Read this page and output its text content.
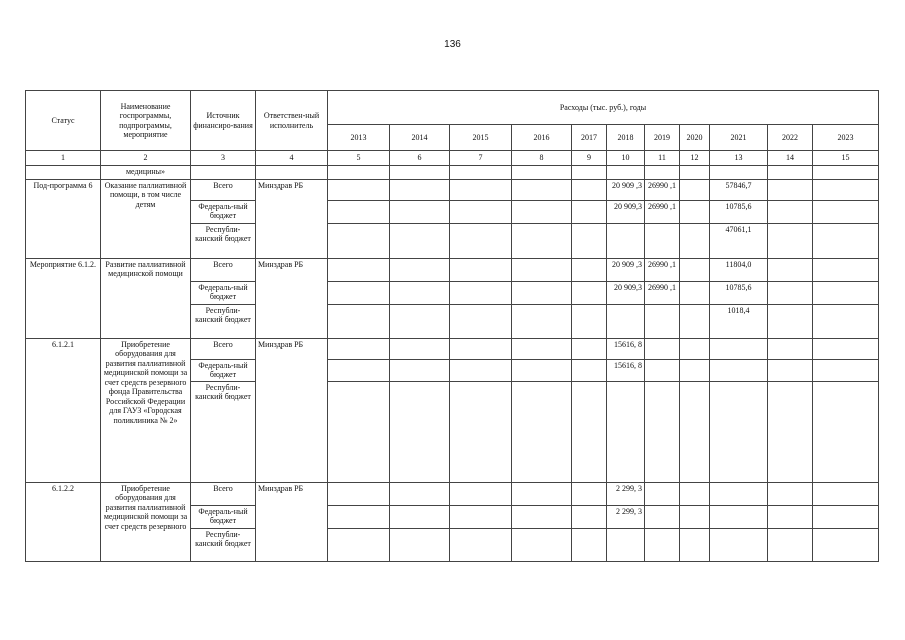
136
Статус	Наименование госпрограммы, подпрограммы, мероприятие	Источник финансиро-вания	Ответствен-ный исполнитель	Расходы (тыс. руб.), годы										
				2013	2014	2015	2016	2017	2018	2019	2020	2021	2022	2023
1	2	3	4	5	6	7	8	9	10	11	12	13	14	15
	медицины»													
Под-программа 6	Оказание паллиативной помощи, в том числе детям	Всего	Минздрав РБ						20 909 ,3	26990 ,1		57846,7		
		Федераль-ный бюджет							20 909,3	26990 ,1		10785,6		
		Республи-канский бюджет										47061,1		
Мероприятие 6.1.2.	Развитие паллиативной медицинской помощи	Всего	Минздрав РБ						20 909 ,3	26990 ,1		11804,0		
		Федераль-ный бюджет							20 909,3	26990 ,1		10785,6		
		Республи-канский бюджет										1018,4		
6.1.2.1	Приобретение оборудования для развития паллиативной медицинской помощи за счет средств резервного фонда Правительства Российской Федерации для ГАУЗ «Городская поликлиника № 2»	Всего	Минздрав РБ						15616, 8					
		Федераль-ный бюджет							15616, 8					
		Республи-канский бюджет												
6.1.2.2	Приобретение оборудования для развития паллиативной медицинской помощи за счет средств резервного	Всего	Минздрав РБ						2 299, 3					
		Федераль-ный бюджет							2 299, 3					
		Республи-канский бюджет												
